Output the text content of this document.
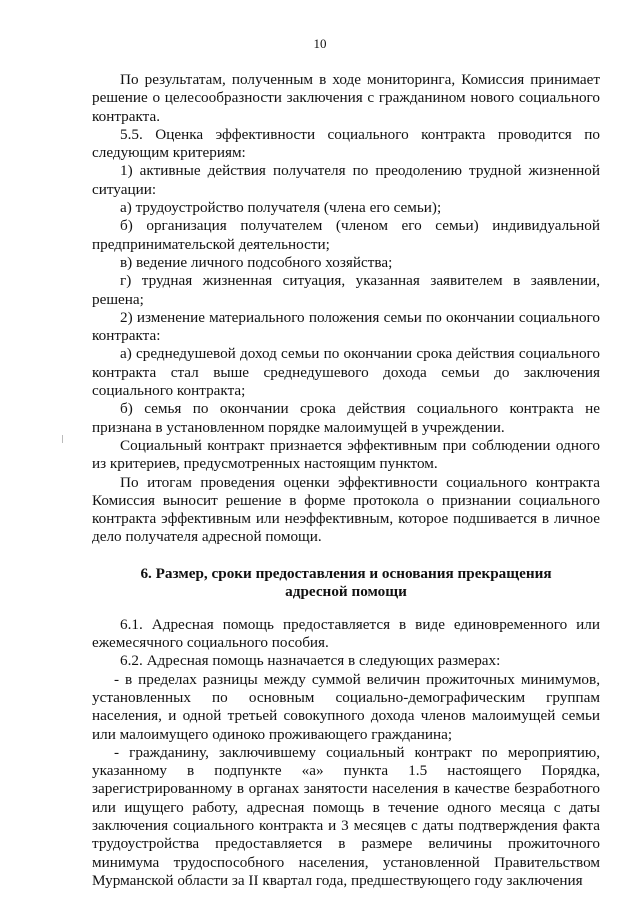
10

По результатам, полученным в ходе мониторинга, Комиссия принимает решение о целесообразности заключения с гражданином нового социального контракта.

5.5. Оценка эффективности социального контракта проводится по следующим критериям:

1) активные действия получателя по преодолению трудной жизненной ситуации:

а) трудоустройство получателя (члена его семьи);

б) организация получателем (членом его семьи) индивидуальной предпринимательской деятельности;

в) ведение личного подсобного хозяйства;

г) трудная жизненная ситуация, указанная заявителем в заявлении, решена;

2) изменение материального положения семьи по окончании социального контракта:

а) среднедушевой доход семьи по окончании срока действия социального контракта стал выше среднедушевого дохода семьи до заключения социального контракта;

б) семья по окончании срока действия социального контракта не признана в установленном порядке малоимущей в учреждении.

Социальный контракт признается эффективным при соблюдении одного из критериев, предусмотренных настоящим пунктом.

По итогам проведения оценки эффективности социального контракта Комиссия выносит решение в форме протокола о признании социального контракта эффективным или неэффективным, которое подшивается в личное дело получателя адресной помощи.

6. Размер, сроки предоставления и основания прекращения
адресной помощи

6.1. Адресная помощь предоставляется в виде единовременного или ежемесячного социального пособия.

6.2. Адресная помощь назначается в следующих размерах:

- в пределах разницы между суммой величин прожиточных минимумов, установленных по основным социально-демографическим группам населения, и одной третьей совокупного дохода членов малоимущей семьи или малоимущего одиноко проживающего гражданина;

- гражданину, заключившему социальный контракт по мероприятию, указанному в подпункте «а» пункта 1.5 настоящего Порядка, зарегистрированному в органах занятости населения в качестве безработного или ищущего работу, адресная помощь в течение одного месяца с даты заключения социального контракта и 3 месяцев с даты подтверждения факта трудоустройства предоставляется в размере величины прожиточного минимума трудоспособного населения, установленной Правительством Мурманской области за II квартал года, предшествующего году заключения
